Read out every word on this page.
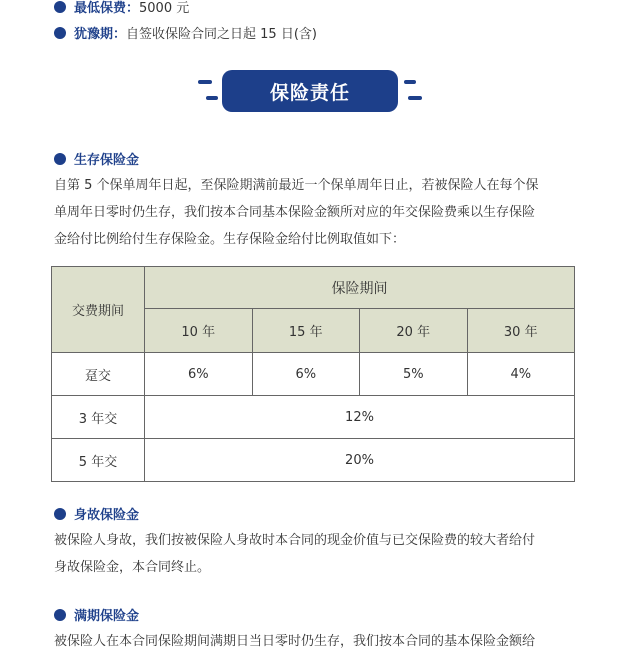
最低保费： 5000 元
犹豫期： 自签收保险合同之日起 15 日(含)
保险责任
生存保险金
自第 5 个保单周年日起，至保险期满前最近一个保单周年日止，若被保险人在每个保
单周年日零时仍生存，我们按本合同基本保险金额所对应的年交保险费乘以生存保险
金给付比例给付生存保险金。生存保险金给付比例取值如下：
交费期间	保险期间			
	10 年	15 年	20 年	30 年
趸交	6%	6%	5%	4%
3 年交	12%			
5 年交	20%			
身故保险金
被保险人身故，我们按被保险人身故时本合同的现金价值与已交保险费的较大者给付
身故保险金，本合同终止。
满期保险金
被保险人在本合同保险期间满期日当日零时仍生存，我们按本合同的基本保险金额给
